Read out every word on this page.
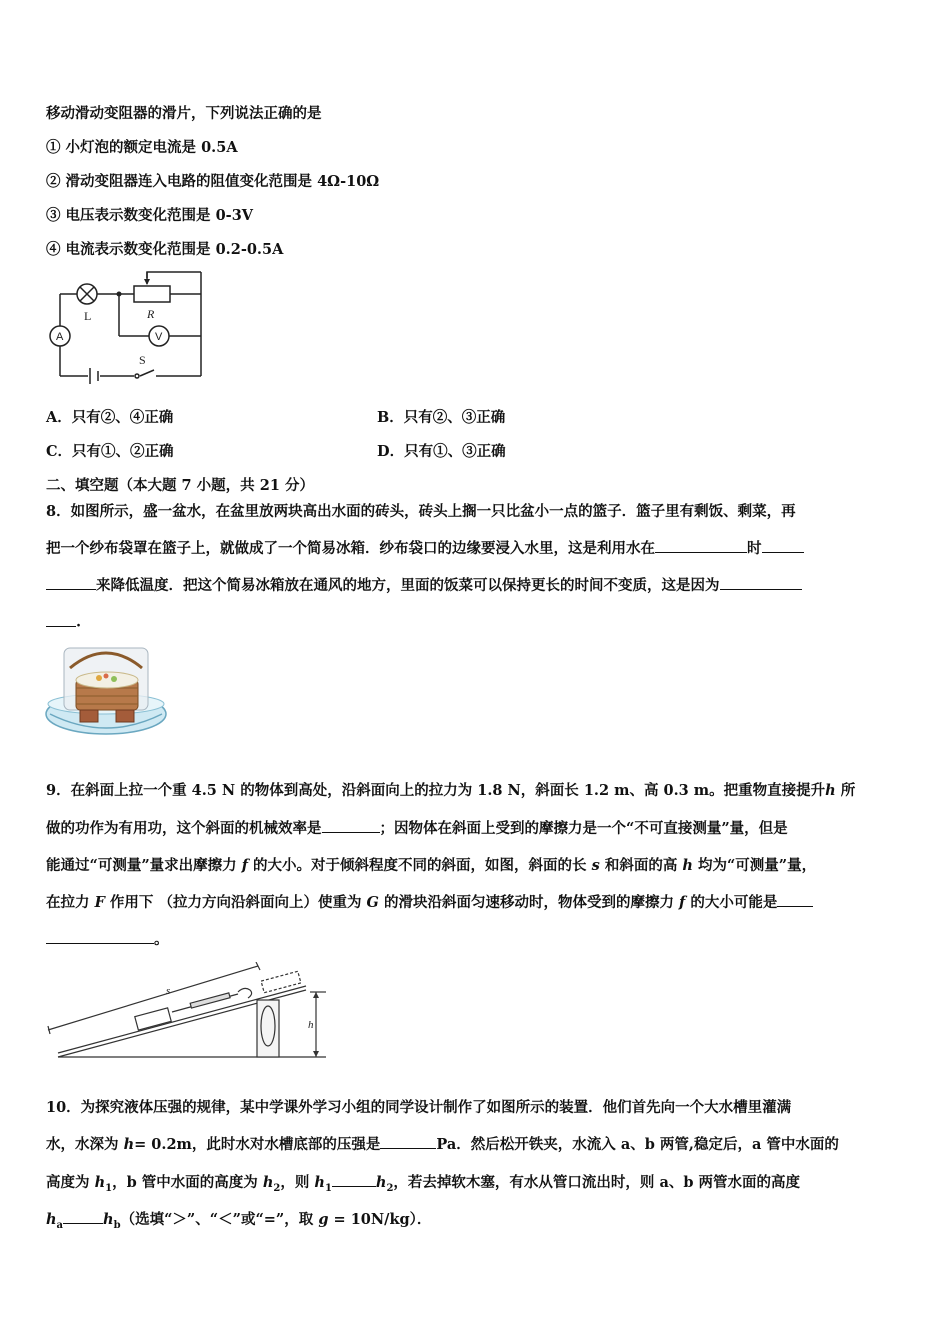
移动滑动变阻器的滑片，下列说法正确的是
① 小灯泡的额定电流是 0.5A
② 滑动变阻器连入电路的阻值变化范围是 4Ω-10Ω
③ 电压表示数变化范围是 0-3V
④ 电流表示数变化范围是 0.2-0.5A
L	R
V
A
S
A．只有②、④正确	B．只有②、③正确
C．只有①、②正确	D．只有①、③正确
二、填空题（本大题 7 小题，共 21 分）
8．如图所示，盛一盆水，在盆里放两块高出水面的砖头，砖头上搁一只比盆小一点的篮子．篮子里有剩饭、剩菜，再
把一个纱布袋罩在篮子上，就做成了一个简易冰箱．纱布袋口的边缘要浸入水里，这是利用水在	时
来降低温度．把这个简易冰箱放在通风的地方，里面的饭菜可以保持更长的时间不变质，这是因为
.
9．在斜面上拉一个重 4.5 N 的物体到高处，沿斜面向上的拉力为 1.8 N，斜面长 1.2 m、高 0.3 m。把重物直接提升h 所
做的功作为有用功，这个斜面的机械效率是	；因物体在斜面上受到的摩擦力是一个“不可直接测量”量，但是
能通过“可测量”量求出摩擦力 f 的大小。对于倾斜程度不同的斜面，如图，斜面的长 s 和斜面的高 h 均为“可测量”量，
在拉力 F 作用下 （拉力方向沿斜面向上）使重为 G 的滑块沿斜面匀速移动时，物体受到的摩擦力 f 的大小可能是
。
s
h
10．为探究液体压强的规律，某中学课外学习小组的同学设计制作了如图所示的装置．他们首先向一个大水槽里灌满
水，水深为 h= 0.2m，此时水对水槽底部的压强是	Pa．然后松开铁夹，水流入 a、b 两管,稳定后，a 管中水面的
高度为 $h_1$，b 管中水面的高度为 $h_2$，则 $h_1$	$h_2$，若去掉软木塞，有水从管口流出时，则 a、b 两管水面的高度
$h_a$	$h_b$（选填“＞”、“＜”或“=”，取 g = 10N/kg）．
